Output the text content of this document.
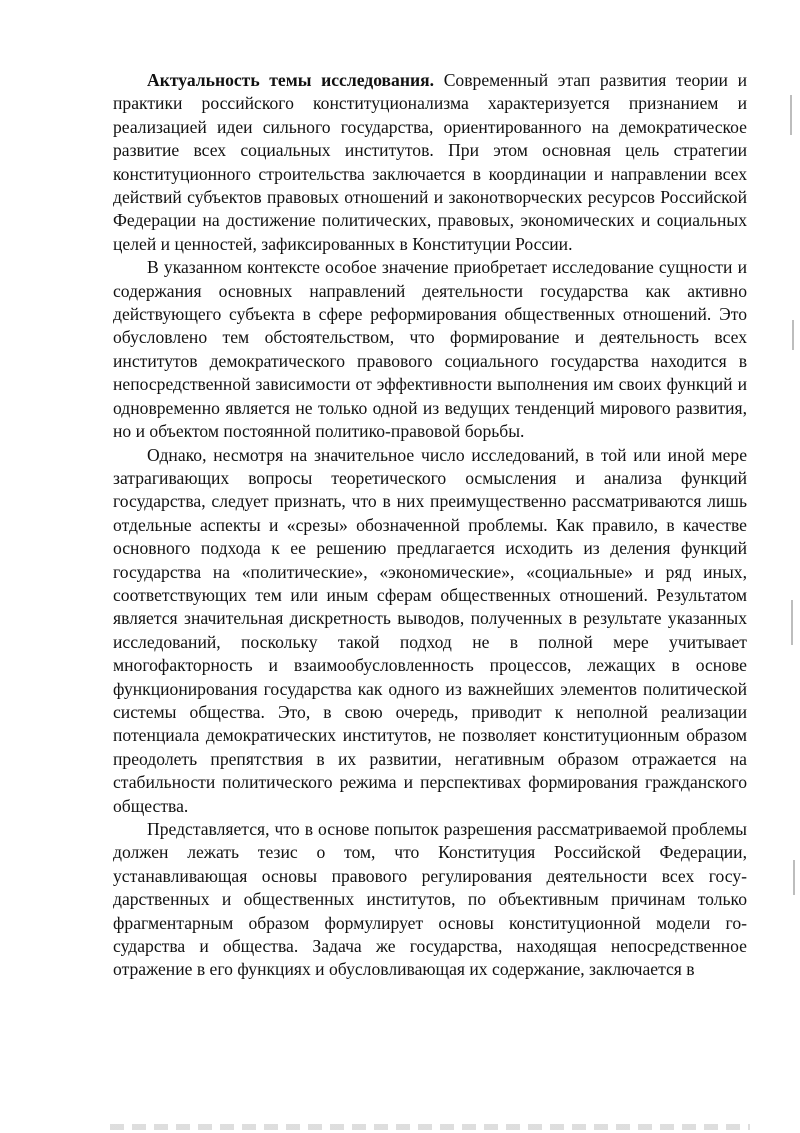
Актуальность темы исследования. Современный этап развития теории и практики российского конституционализма характеризуется признанием и реализацией идеи сильного государства, ориентированного на демократическое развитие всех социальных институтов. При этом основная цель стратегии конституционного строительства заключается в координации и направлении всех действий субъектов правовых отношений и законотворческих ресурсов Российской Федерации на достижение политических, правовых, экономических и социальных целей и ценностей, зафиксированных в Конституции России.

В указанном контексте особое значение приобретает исследование сущности и содержания основных направлений деятельности государства как активно действующего субъекта в сфере реформирования общественных отношений. Это обусловлено тем обстоятельством, что формирование и деятельность всех институтов демократического правового социального государства находится в непосредственной зависимости от эффективности выполнения им своих функций и одновременно является не только одной из ведущих тенденций мирового развития, но и объектом постоянной политико-правовой борьбы.

Однако, несмотря на значительное число исследований, в той или иной мере затрагивающих вопросы теоретического осмысления и анализа функций государства, следует признать, что в них преимущественно рассматриваются лишь отдельные аспекты и «срезы» обозначенной проблемы. Как правило, в качестве основного подхода к ее решению предлагается исходить из деления функций государства на «политические», «экономические», «социальные» и ряд иных, соответствующих тем или иным сферам общественных отношений. Результатом является значительная дискретность выводов, полученных в результате указанных исследований, поскольку такой подход не в полной мере учитывает многофакторность и взаимообусловленность процессов, лежащих в основе функционирования государства как одного из важнейших элементов политической системы общества. Это, в свою очередь, приводит к неполной реализации потенциала демократических институтов, не позволяет конституционным образом преодолеть препятствия в их развитии, негативным образом отражается на стабильности политического режима и перспективах формирования гражданского общества.

Представляется, что в основе попыток разрешения рассматриваемой проблемы должен лежать тезис о том, что Конституция Российской Федерации, устанавливающая основы правового регулирования деятельности всех государственных и общественных институтов, по объективным причинам только фрагментарным образом формулирует основы конституционной модели государства и общества. Задача же государства, находящая непосредственное отражение в его функциях и обусловливающая их содержание, заключается в
